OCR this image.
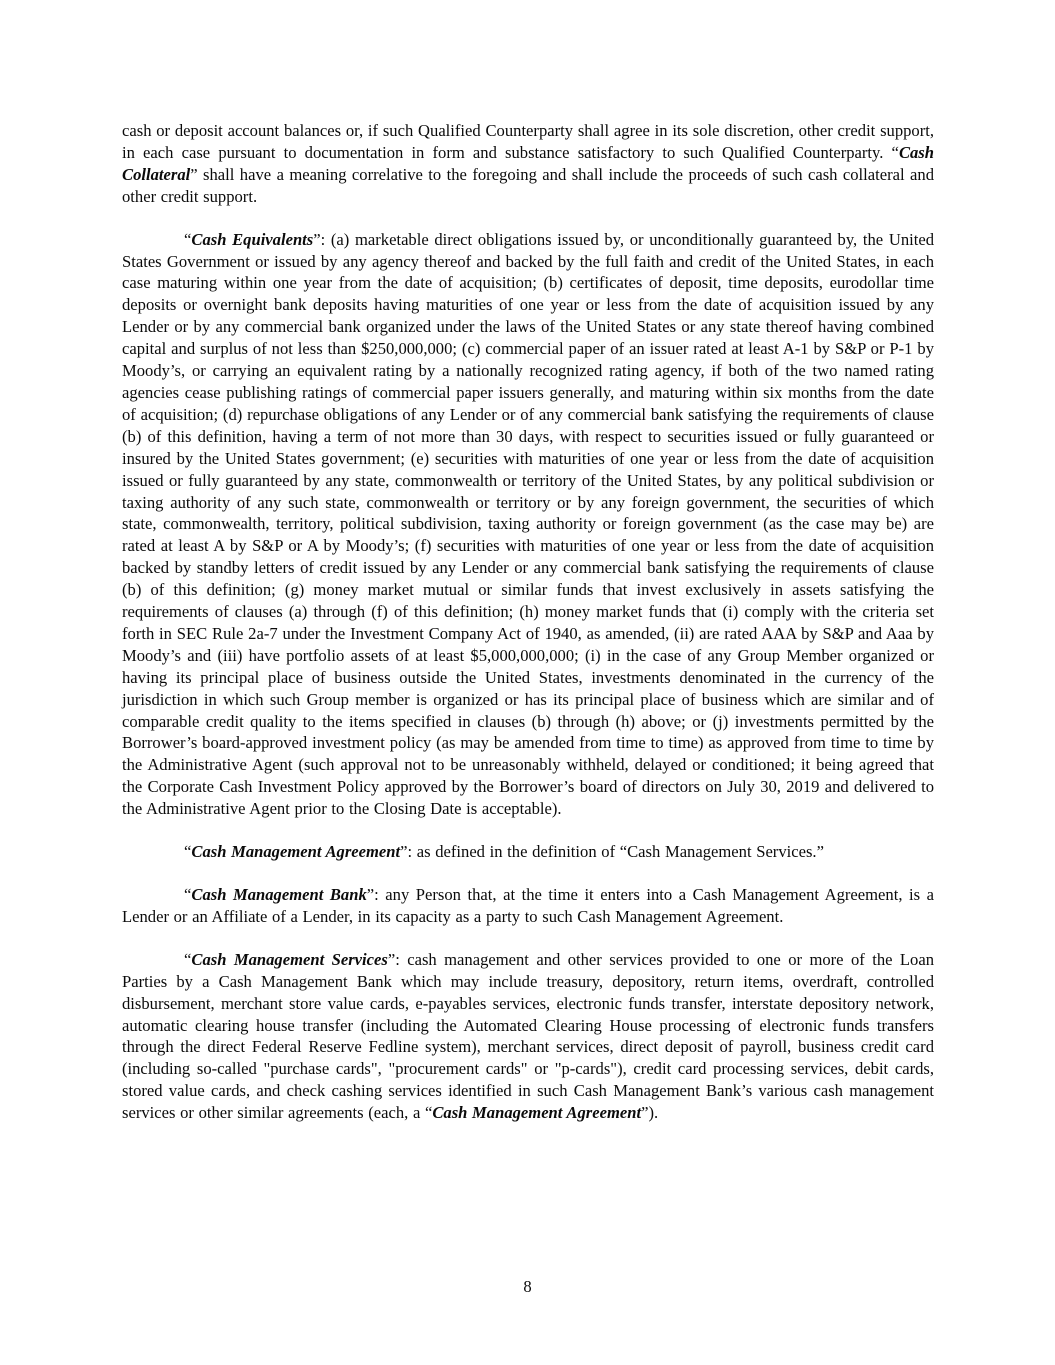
cash or deposit account balances or, if such Qualified Counterparty shall agree in its sole discretion, other credit support, in each case pursuant to documentation in form and substance satisfactory to such Qualified Counterparty. “Cash Collateral” shall have a meaning correlative to the foregoing and shall include the proceeds of such cash collateral and other credit support.

“Cash Equivalents”: (a) marketable direct obligations issued by, or unconditionally guaranteed by, the United States Government or issued by any agency thereof and backed by the full faith and credit of the United States, in each case maturing within one year from the date of acquisition; (b) certificates of deposit, time deposits, eurodollar time deposits or overnight bank deposits having maturities of one year or less from the date of acquisition issued by any Lender or by any commercial bank organized under the laws of the United States or any state thereof having combined capital and surplus of not less than $250,000,000; (c) commercial paper of an issuer rated at least A-1 by S&P or P-1 by Moody’s, or carrying an equivalent rating by a nationally recognized rating agency, if both of the two named rating agencies cease publishing ratings of commercial paper issuers generally, and maturing within six months from the date of acquisition; (d) repurchase obligations of any Lender or of any commercial bank satisfying the requirements of clause (b) of this definition, having a term of not more than 30 days, with respect to securities issued or fully guaranteed or insured by the United States government; (e) securities with maturities of one year or less from the date of acquisition issued or fully guaranteed by any state, commonwealth or territory of the United States, by any political subdivision or taxing authority of any such state, commonwealth or territory or by any foreign government, the securities of which state, commonwealth, territory, political subdivision, taxing authority or foreign government (as the case may be) are rated at least A by S&P or A by Moody’s; (f) securities with maturities of one year or less from the date of acquisition backed by standby letters of credit issued by any Lender or any commercial bank satisfying the requirements of clause (b) of this definition; (g) money market mutual or similar funds that invest exclusively in assets satisfying the requirements of clauses (a) through (f) of this definition; (h) money market funds that (i) comply with the criteria set forth in SEC Rule 2a-7 under the Investment Company Act of 1940, as amended, (ii) are rated AAA by S&P and Aaa by Moody’s and (iii) have portfolio assets of at least $5,000,000,000; (i) in the case of any Group Member organized or having its principal place of business outside the United States, investments denominated in the currency of the jurisdiction in which such Group member is organized or has its principal place of business which are similar and of comparable credit quality to the items specified in clauses (b) through (h) above; or (j) investments permitted by the Borrower’s board-approved investment policy (as may be amended from time to time) as approved from time to time by the Administrative Agent (such approval not to be unreasonably withheld, delayed or conditioned; it being agreed that the Corporate Cash Investment Policy approved by the Borrower’s board of directors on July 30, 2019 and delivered to the Administrative Agent prior to the Closing Date is acceptable).

“Cash Management Agreement”: as defined in the definition of “Cash Management Services.”

“Cash Management Bank”: any Person that, at the time it enters into a Cash Management Agreement, is a Lender or an Affiliate of a Lender, in its capacity as a party to such Cash Management Agreement.

“Cash Management Services”: cash management and other services provided to one or more of the Loan Parties by a Cash Management Bank which may include treasury, depository, return items, overdraft, controlled disbursement, merchant store value cards, e-payables services, electronic funds transfer, interstate depository network, automatic clearing house transfer (including the Automated Clearing House processing of electronic funds transfers through the direct Federal Reserve Fedline system), merchant services, direct deposit of payroll, business credit card (including so-called "purchase cards", "procurement cards" or "p-cards"), credit card processing services, debit cards, stored value cards, and check cashing services identified in such Cash Management Bank’s various cash management services or other similar agreements (each, a “Cash Management Agreement”).

8
